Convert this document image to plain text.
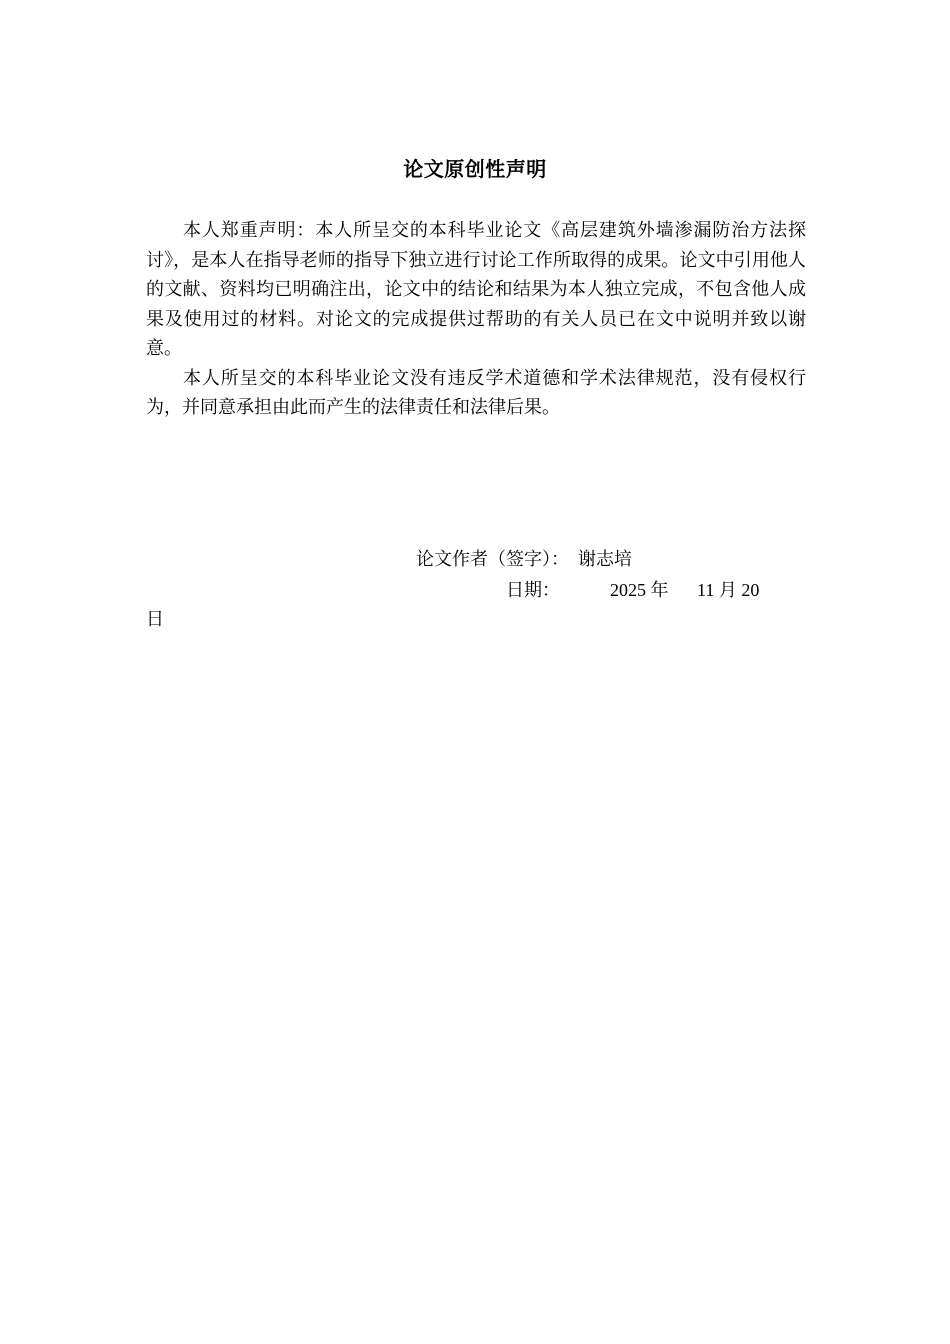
论文原创性声明

本人郑重声明：本人所呈交的本科毕业论文《高层建筑外墙渗漏防治方法探讨》，是本人在指导老师的指导下独立进行讨论工作所取得的成果。论文中引用他人的文献、资料均已明确注出，论文中的结论和结果为本人独立完成，不包含他人成果及使用过的材料。对论文的完成提供过帮助的有关人员已在文中说明并致以谢意。

本人所呈交的本科毕业论文没有违反学术道德和学术法律规范，没有侵权行为，并同意承担由此而产生的法律责任和法律后果。

论文作者（签字）：  谢志培
日期：	2025 年 11 月 20
日
